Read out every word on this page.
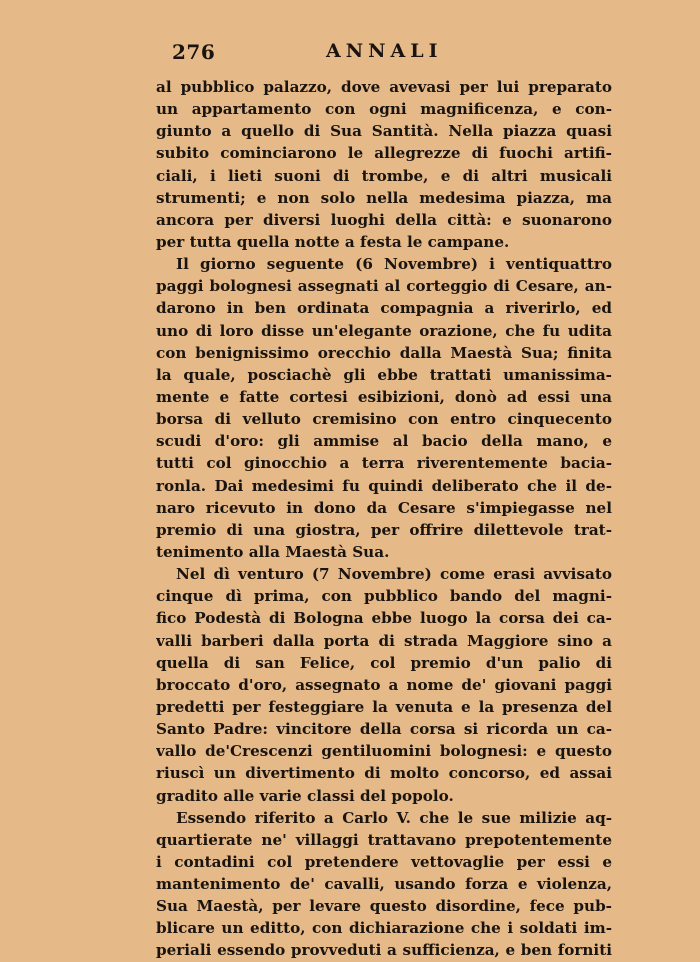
276	ANNALI
al pubblico palazzo, dove avevasi per lui preparato
un appartamento con ogni magnificenza, e con-
giunto a quello di Sua Santità. Nella piazza quasi
subito cominciarono le allegrezze di fuochi artifi-
ciali, i lieti suoni di trombe, e di altri musicali
strumenti; e non solo nella medesima piazza, ma
ancora per diversi luoghi della città: e suonarono
per tutta quella notte a festa le campane.
Il giorno seguente (6 Novembre) i ventiquattro
paggi bolognesi assegnati al corteggio di Cesare, an-
darono in ben ordinata compagnia a riverirlo, ed
uno di loro disse un'elegante orazione, che fu udita
con benignissimo orecchio dalla Maestà Sua; finita
la quale, posciachè gli ebbe trattati umanissima-
mente e fatte cortesi esibizioni, donò ad essi una
borsa di velluto cremisino con entro cinquecento
scudi d'oro: gli ammise al bacio della mano, e
tutti col ginocchio a terra riverentemente bacia-
ronla. Dai medesimi fu quindi deliberato che il de-
naro ricevuto in dono da Cesare s'impiegasse nel
premio di una giostra, per offrire dilettevole trat-
tenimento alla Maestà Sua.
Nel dì venturo (7 Novembre) come erasi avvisato
cinque dì prima, con pubblico bando del magni-
fico Podestà di Bologna ebbe luogo la corsa dei ca-
valli barberi dalla porta di strada Maggiore sino a
quella di san Felice, col premio d'un palio di
broccato d'oro, assegnato a nome de' giovani paggi
predetti per festeggiare la venuta e la presenza del
Santo Padre: vincitore della corsa si ricorda un ca-
vallo de'Crescenzi gentiluomini bolognesi: e questo
riuscì un divertimento di molto concorso, ed assai
gradito alle varie classi del popolo.
Essendo riferito a Carlo V. che le sue milizie aq-
quartierate ne' villaggi trattavano prepotentemente
i contadini col pretendere vettovaglie per essi e
mantenimento de' cavalli, usando forza e violenza,
Sua Maestà, per levare questo disordine, fece pub-
blicare un editto, con dichiarazione che i soldati im-
periali essendo provveduti a sufficienza, e ben forniti
